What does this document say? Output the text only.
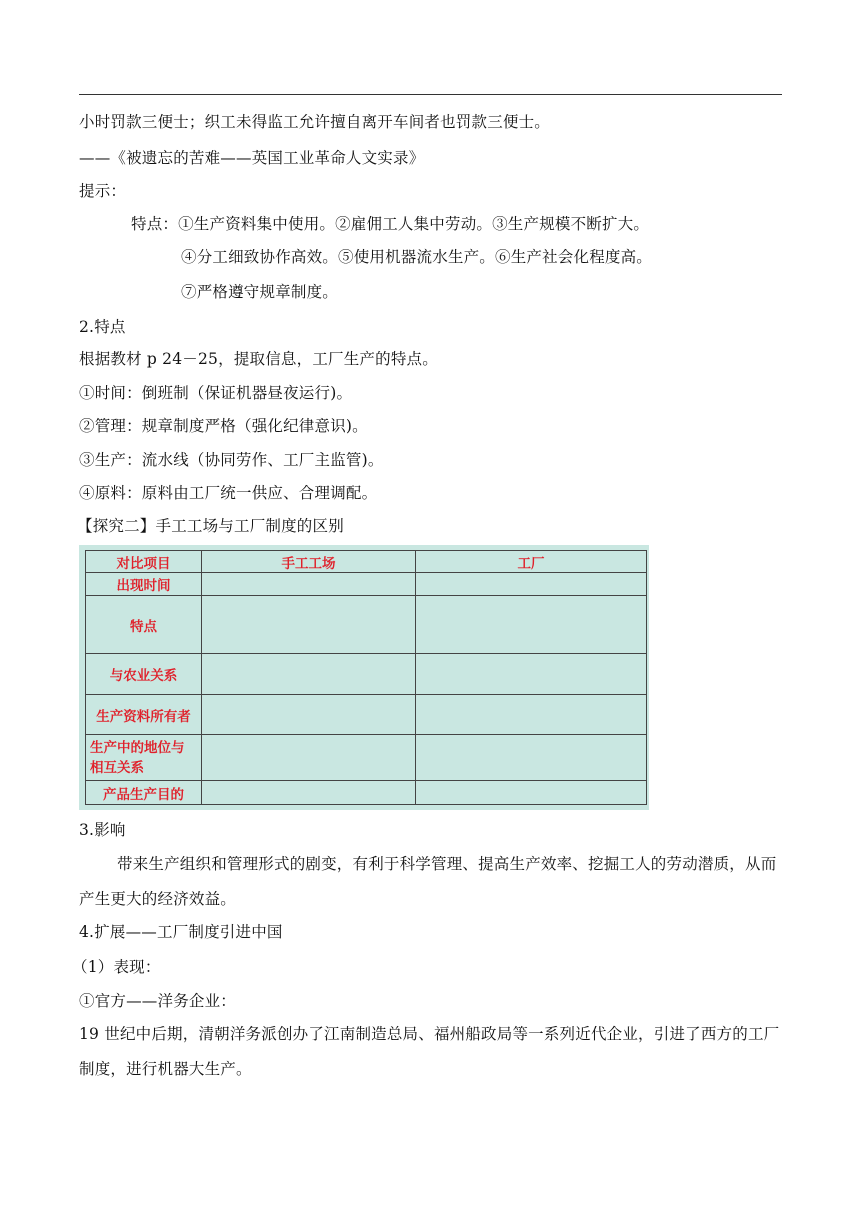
小时罚款三便士；织工未得监工允许擅自离开车间者也罚款三便士。
——《被遗忘的苦难——英国工业革命人文实录》
提示：
特点：①生产资料集中使用。②雇佣工人集中劳动。③生产规模不断扩大。
④分工细致协作高效。⑤使用机器流水生产。⑥生产社会化程度高。
⑦严格遵守规章制度。
2.特点
根据教材 p 24－25，提取信息，工厂生产的特点。
①时间：倒班制（保证机器昼夜运行)。
②管理：规章制度严格（强化纪律意识)。
③生产：流水线（协同劳作、工厂主监管)。
④原料：原料由工厂统一供应、合理调配。
【探究二】手工工场与工厂制度的区别
对比项目	手工工场	工厂
出现时间		
特点		
与农业关系		
生产资料所有者		
生产中的地位与相互关系		
产品生产目的		
3.影响
带来生产组织和管理形式的剧变，有利于科学管理、提高生产效率、挖掘工人的劳动潜质，从而产生更大的经济效益。
4.扩展——工厂制度引进中国
（1）表现：
①官方——洋务企业：
19 世纪中后期，清朝洋务派创办了江南制造总局、福州船政局等一系列近代企业，引进了西方的工厂制度，进行机器大生产。
